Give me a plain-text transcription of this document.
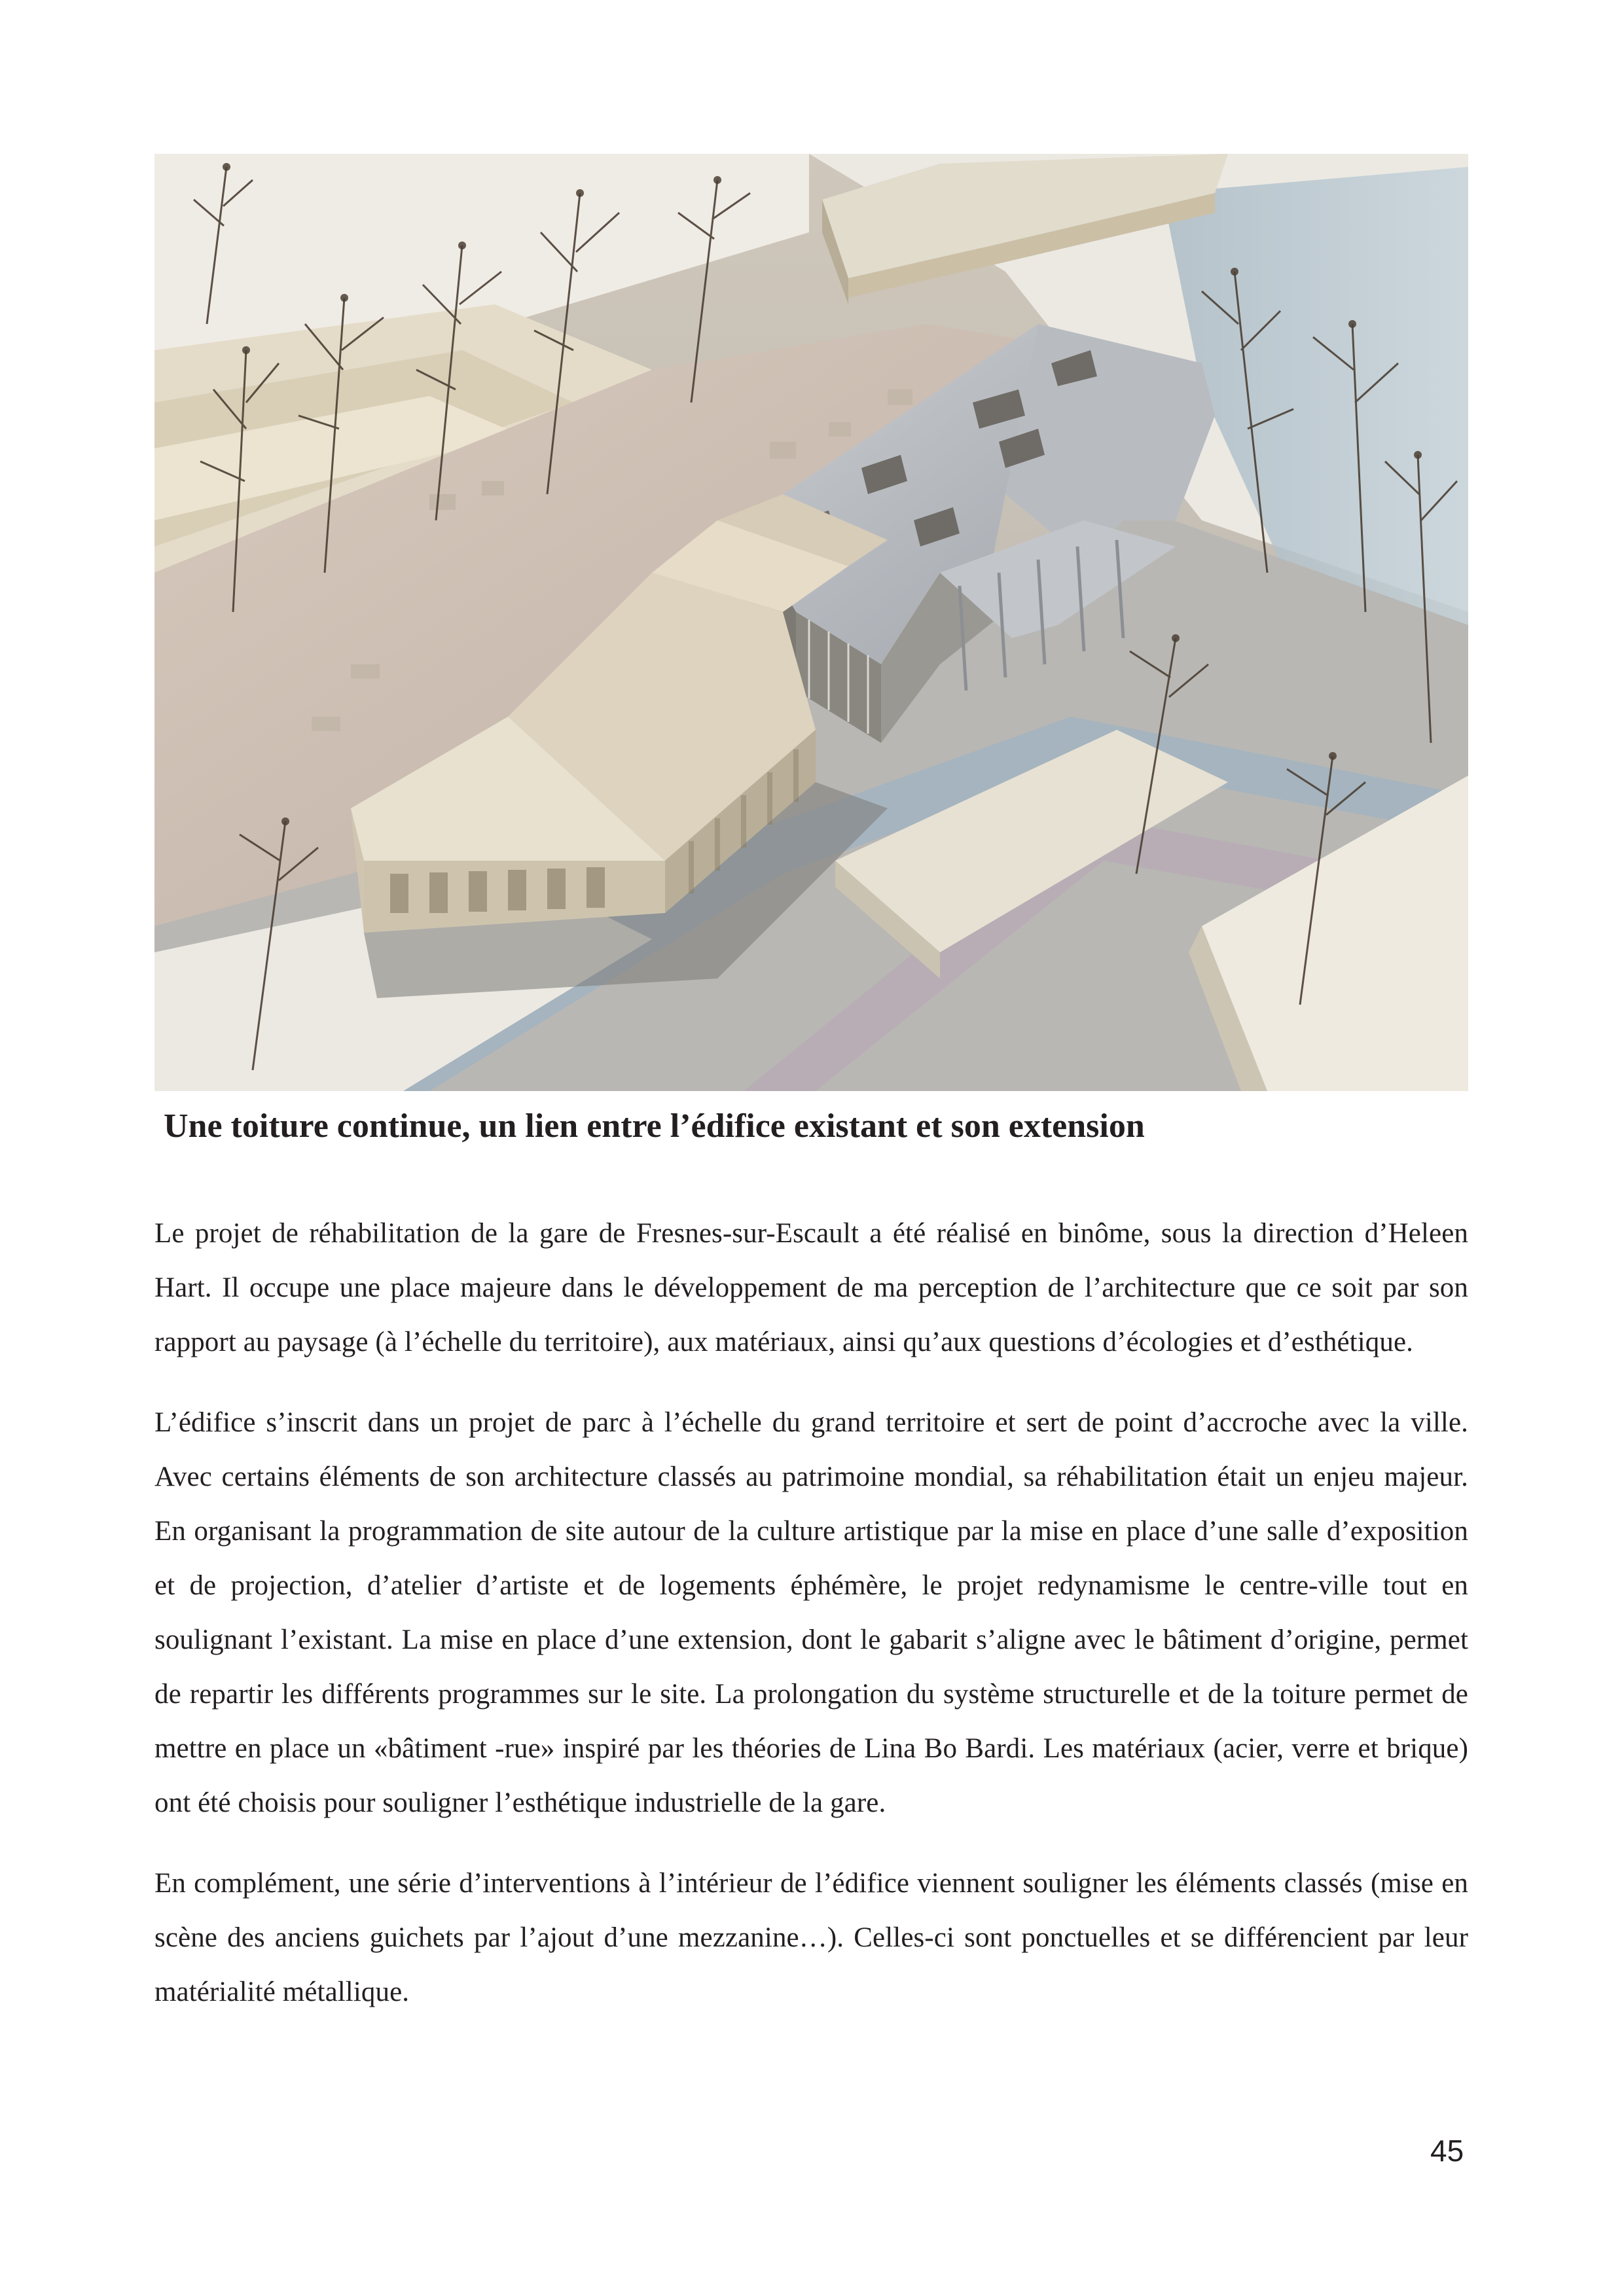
Une toiture continue, un lien entre l’édifice existant et son extension

Le projet de réhabilitation de la gare de Fresnes-sur-Escault a été réalisé en binôme, sous la direction d’Heleen Hart. Il occupe une place majeure dans le développement de ma perception de l’architecture que ce soit par son rapport au paysage (à l’échelle du territoire), aux matériaux, ainsi qu’aux questions d’écologies et d’esthétique.

L’édifice s’inscrit dans un projet de parc à l’échelle du grand territoire et sert de point d’accroche avec la ville. Avec certains éléments de son architecture classés au patrimoine mondial, sa réhabilitation était un enjeu majeur. En organisant la programmation de site autour de la culture artistique par la mise en place d’une salle d’exposition et de projection, d’atelier d’artiste et de logements éphémère, le projet redynamisme le centre-ville tout en soulignant l’existant. La mise en place d’une extension, dont le gabarit s’aligne avec le bâtiment d’origine, permet de repartir les différents programmes sur le site. La prolongation du système structurelle et de la toiture permet de mettre en place un «bâtiment -rue» inspiré par les théories de Lina Bo Bardi. Les matériaux (acier, verre et brique) ont été choisis pour souligner l’esthétique industrielle de la gare.

En complément, une série d’interventions à l’intérieur de l’édifice viennent souligner les éléments classés (mise en scène des anciens guichets par l’ajout d’une mezzanine…). Celles-ci sont ponctuelles et se différencient par leur matérialité métallique.

45
